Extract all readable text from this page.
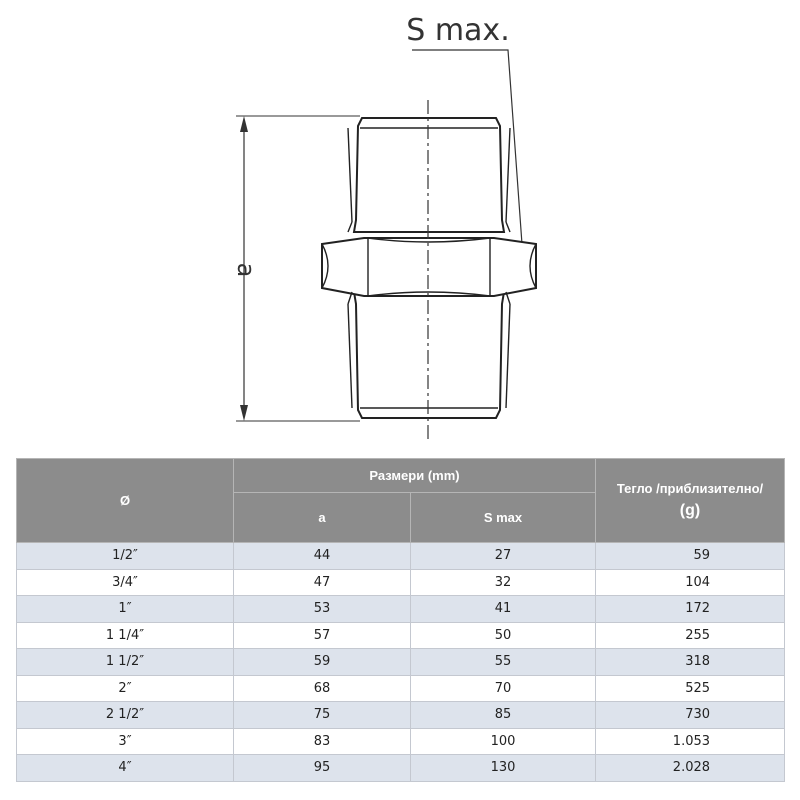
S max.
a
Ø	Размери (mm)		Тегло /приблизително/
(g)

	a	S max	
1/2″	44	27	59
3/4″	47	32	104
1″	53	41	172
1 1/4″	57	50	255
1 1/2″	59	55	318
2″	68	70	525
2 1/2″	75	85	730
3″	83	100	1.053
4″	95	130	2.028
